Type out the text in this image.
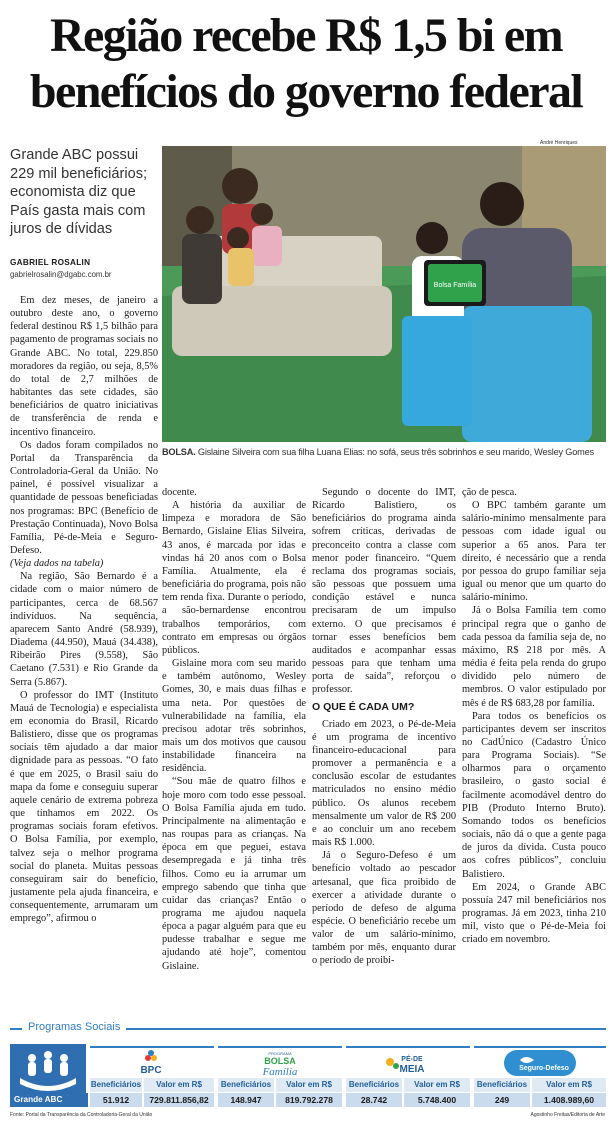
Região recebe R$ 1,5 bi em
benefícios do governo federal
Grande ABC possui 229 mil beneficiários; economista diz que País gasta mais com juros de dívidas
GABRIEL ROSALIN
gabrielrosalin@dgabc.com.br
André Henriques
Bolsa Família
BOLSA. Gislaine Silveira com sua filha Luana Elias: no sofá, seus três sobrinhos e seu marido, Wesley Gomes

Em dez meses, de janeiro a outubro deste ano, o governo federal destinou R$ 1,5 bilhão para pagamento de programas sociais no Grande ABC. No total, 229.850 moradores da região, ou seja, 8,5% do total de 2,7 milhões de habitantes das sete cidades, são beneficiários de quatro iniciativas de transferência de renda e incentivo financeiro.

Os dados foram compilados no Portal da Transparência da Controladoria-Geral da União. No painel, é possível visualizar a quantidade de pessoas beneficiadas nos programas: BPC (Benefício de Prestação Continuada), Novo Bolsa Família, Pé-de-Meia e Seguro-Defeso.

(Veja dados na tabela)

Na região, São Bernardo é a cidade com o maior número de participantes, cerca de 68.567 indivíduos. Na sequência, aparecem Santo André (58.939), Diadema (44.950), Mauá (34.438), Ribeirão Pires (9.558), São Caetano (7.531) e Rio Grande da Serra (5.867).

O professor do IMT (Instituto Mauá de Tecnologia) e especialista em economia do Brasil, Ricardo Balistiero, disse que os programas sociais têm ajudado a dar maior dignidade para as pessoas. “O fato é que em 2025, o Brasil saiu do mapa da fome e conseguiu superar aquele cenário de extrema pobreza que tínhamos em 2022. Os programas sociais foram efetivos. O Bolsa Família, por exemplo, talvez seja o melhor programa social do planeta. Muitas pessoas conseguiram sair do benefício, justamente pela ajuda financeira, e consequentemente, arrumaram um emprego”, afirmou o

docente.

A história da auxiliar de limpeza e moradora de São Bernardo, Gislaine Elias Silveira, 43 anos, é marcada por idas e vindas há 20 anos com o Bolsa Família. Atualmente, ela é beneficiária do programa, pois não tem renda fixa. Durante o período, a são-bernardense encontrou trabalhos temporários, com contrato em empresas ou órgãos públicos.

Gislaine mora com seu marido e também autônomo, Wesley Gomes, 30, e mais duas filhas e uma neta. Por questões de vulnerabilidade na família, ela precisou adotar três sobrinhos, mais um dos motivos que causou instabilidade financeira na residência.

“Sou mãe de quatro filhos e hoje moro com todo esse pessoal. O Bolsa Família ajuda em tudo. Principalmente na alimentação e nas roupas para as crianças. Na época em que peguei, estava desempregada e já tinha três filhos. Como eu ia arrumar um emprego sabendo que tinha que cuidar das crianças? Então o programa me ajudou naquela época a pagar alguém para que eu pudesse trabalhar e segue me ajudando até hoje”, comentou Gislaine.

Segundo o docente do IMT, Ricardo Balistiero, os beneficiários do programa ainda sofrem críticas, derivadas de preconceito contra a classe com menor poder financeiro. “Quem reclama dos programas sociais, são pessoas que possuem uma condição estável e nunca precisaram de um impulso externo. O que precisamos é tornar esses benefícios bem auditados e acompanhar essas pessoas para que tenham uma porta de saída”, reforçou o professor.

O QUE É CADA UM?

Criado em 2023, o Pé-de-Meia é um programa de incentivo financeiro-educacional para promover a permanência e a conclusão escolar de estudantes matriculados no ensino médio público. Os alunos recebem mensalmente um valor de R$ 200 e ao concluir um ano recebem mais R$ 1.000.

Já o Seguro-Defeso é um benefício voltado ao pescador artesanal, que fica proibido de exercer a atividade durante o período de defeso de alguma espécie. O beneficiário recebe um valor de um salário-mínimo, também por mês, enquanto durar o período de proibi-

ção de pesca.

O BPC também garante um salário-mínimo mensalmente para pessoas com idade igual ou superior a 65 anos. Para ter direito, é necessário que a renda por pessoa do grupo familiar seja igual ou menor que um quarto do salário-mínimo.

Já o Bolsa Família tem como principal regra que o ganho de cada pessoa da família seja de, no máximo, R$ 218 por mês. A média é feita pela renda do grupo dividido pelo número de membros. O valor estipulado por mês é de R$ 683,28 por família.

Para todos os benefícios os participantes devem ser inscritos no CadÚnico (Cadastro Único para Programa Sociais). “Se olharmos para o orçamento brasileiro, o gasto social é facilmente acomodável dentro do PIB (Produto Interno Bruto). Somando todos os benefícios sociais, não dá o que a gente paga de juros da dívida. Custa pouco aos cofres públicos”, concluiu Balistiero.

Em 2024, o Grande ABC possuía 247 mil beneficiários nos programas. Já em 2023, tinha 210 mil, visto que o Pé-de-Meia foi criado em novembro.

Programas Sociais
BPC
PROGRAMA
BOLSA
Família
PÉ-DE
MEIA	Seguro-Defeso
Beneficiários	Valor em R$	Beneficiários	Valor em R$	Beneficiários	Valor em R$	Beneficiários	Valor em R$
Grande ABC	51.912	729.811.856,82	148.947	819.792.278	28.742	5.748.400	249	1.408.989,60
Fonte: Portal da Transparência da Controladoria-Geral da União	Agostinho Freitas/Editoria de Arte
